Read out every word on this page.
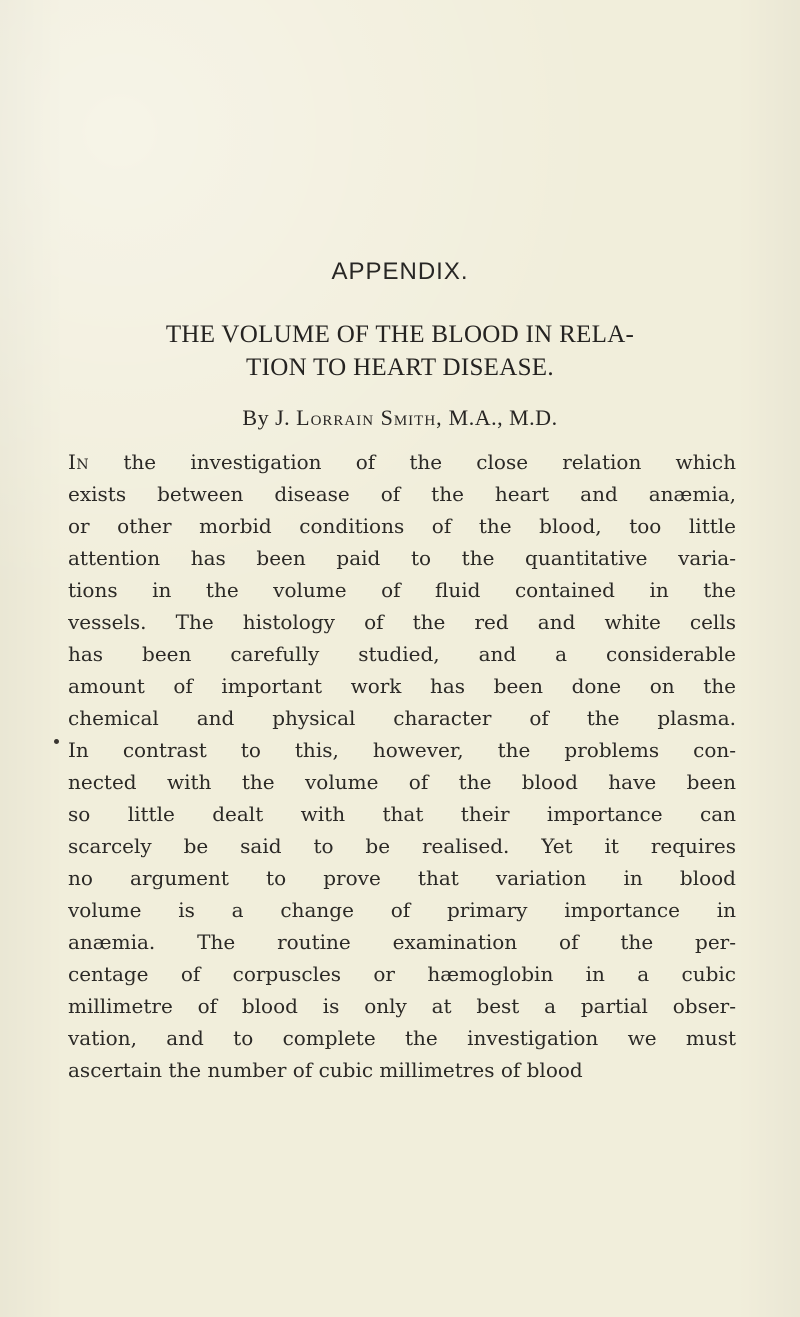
APPENDIX.
THE VOLUME OF THE BLOOD IN RELA-
TION TO HEART DISEASE.
By J. Lorrain Smith, M.A., M.D.
In the investigation of the close relation which
exists between disease of the heart and anæmia,
or other morbid conditions of the blood, too little
attention has been paid to the quantitative varia-
tions in the volume of fluid contained in the
vessels. The histology of the red and white cells
has been carefully studied, and a considerable
amount of important work has been done on the
chemical and physical character of the plasma.
In contrast to this, however, the problems con-
nected with the volume of the blood have been
so little dealt with that their importance can
scarcely be said to be realised. Yet it requires
no argument to prove that variation in blood
volume is a change of primary importance in
anæmia. The routine examination of the per-
centage of corpuscles or hæmoglobin in a cubic
millimetre of blood is only at best a partial obser-
vation, and to complete the investigation we must
ascertain the number of cubic millimetres of blood
